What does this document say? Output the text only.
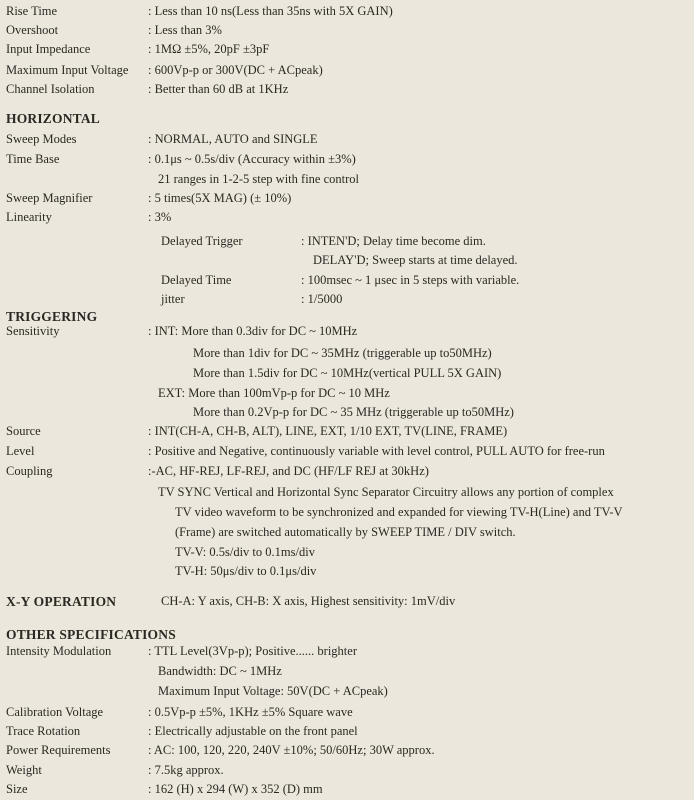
Rise Time	: Less than 10 ns(Less than 35ns with 5X GAIN)
Overshoot	: Less than 3%
Input Impedance	: 1MΩ ±5%, 20pF ±3pF
Maximum Input Voltage : 600Vp-p or 300V(DC + ACpeak)
Channel Isolation	: Better than 60 dB at 1KHz
HORIZONTAL
Sweep Modes	: NORMAL, AUTO and SINGLE
Time Base	: 0.1μs ~ 0.5s/div (Accuracy within ±3%)
21 ranges in 1-2-5 step with fine control
Sweep Magnifier	: 5 times(5X MAG) (± 10%)
Linearity	: 3%
Delayed Trigger	: INTEN'D; Delay time become dim.
DELAY'D; Sweep starts at time delayed.
Delayed Time	: 100msec ~ 1 μsec in 5 steps with variable.
jitter	: 1/5000
TRIGGERING
Sensitivity	: INT: More than 0.3div for DC ~ 10MHz
More than 1div for DC ~ 35MHz (triggerable up to50MHz)
More than 1.5div for DC ~ 10MHz(vertical PULL 5X GAIN)
EXT: More than 100mVp-p for DC ~ 10 MHz
More than 0.2Vp-p for DC ~ 35 MHz (triggerable up to50MHz)
Source	: INT(CH-A, CH-B, ALT), LINE, EXT, 1/10 EXT, TV(LINE, FRAME)
Level	: Positive and Negative, continuously variable with level control, PULL AUTO for free-run
Coupling	:-AC, HF-REJ, LF-REJ, and DC (HF/LF REJ at 30kHz)
TV SYNC Vertical and Horizontal Sync Separator Circuitry allows any portion of complex
TV video waveform to be synchronized and expanded for viewing TV-H(Line) and TV-V
(Frame) are switched automatically by SWEEP TIME / DIV switch.
TV-V: 0.5s/div to 0.1ms/div
TV-H: 50μs/div to 0.1μs/div
X-Y OPERATION	CH-A: Y axis, CH-B: X axis, Highest sensitivity: 1mV/div
OTHER SPECIFICATIONS
Intensity Modulation	: TTL Level(3Vp-p); Positive...... brighter
Bandwidth: DC ~ 1MHz
Maximum Input Voltage: 50V(DC + ACpeak)
Calibration Voltage	: 0.5Vp-p ±5%, 1KHz ±5% Square wave
Trace Rotation	: Electrically adjustable on the front panel
Power Requirements	: AC: 100, 120, 220, 240V ±10%; 50/60Hz; 30W approx.
Weight	: 7.5kg approx.
Size	: 162 (H) x 294 (W) x 352 (D) mm
